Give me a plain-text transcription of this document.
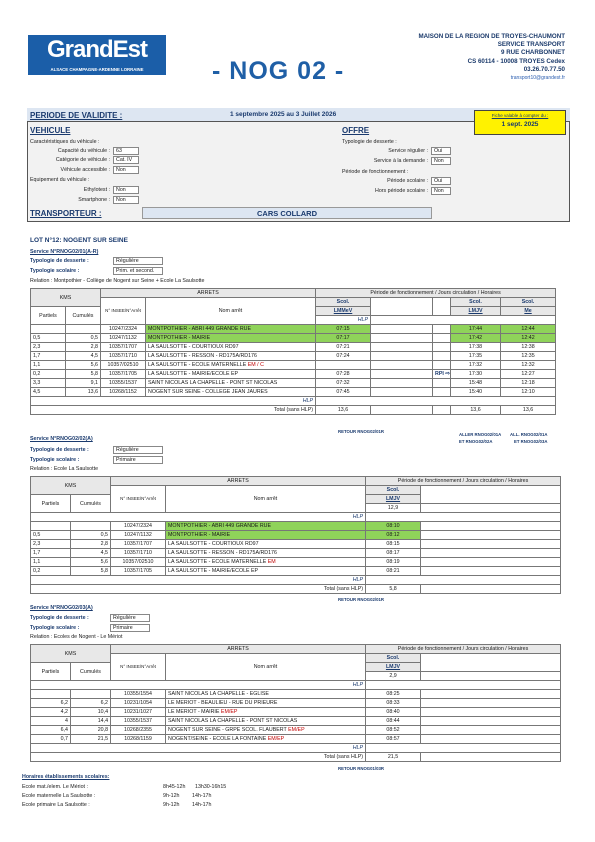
GrandEst
ALSACE CHAMPAGNE-ARDENNE LORRAINE	- NOG 02 -
MAISON DE LA REGION DE TROYES-CHAUMONT
SERVICE TRANSPORT
9 RUE CHARBONNET
CS 60114 - 10008 TROYES Cedex
03.26.70.77.50
transport10@grandest.fr
PERIODE DE VALIDITE :	1 septembre 2025 au 3 Juillet 2026	Fiche valable à compter du :
1 sept. 2025
VEHICULE
Caractéristiques du véhicule :
Capacité du véhicule :	63
Catégorie de véhicule :	Cat. IV
Véhicule accessible :	Non
Equipement du véhicule :
Ethylotest :	Non
Smartphone :	Non
OFFRE
Typologie de desserte :
Service régulier :	Oui
Service à la demande :	Non
Période de fonctionnement :
Période scolaire :	Oui
Hors période scolaire :	Non
TRANSPORTEUR :	CARS COLLARD
LOT N°12: NOGENT SUR SEINE
Service N°RNOG02/01(A-R)
Typologie de desserte :	Régulière
Typologie scolaire :	Prim. et second.
Relation : Montpothier - Collège de Nogent sur Seine + Ecole La Saulsotte
KMS		ARRETS		Période de fonctionnement / Jours circulation / Horaires				
		N° INSEE/N°Arrêt	Nom arrêt	Scol.			Scol.	Scol.
Partiels	Cumulés			LMMeV			LMJV	Me
				HLP				
		10247/2324	MONTPOTHIER - ABRI 449 GRANDE RUE	07:15			17:44	12:44
0,5	0,5	10247/1132	MONTPOTHIER - MAIRIE	07:17			17:42	12:42
2,3	2,8	10357/1707	LA SAULSOTTE - COURTIOUX RD97	07:21			17:38	12:38
1,7	4,5	10357/1710	LA SAULSOTTE - RESSON - RD175A/RD176	07:24			17:35	12:35
1,1	5,6	10357/02510	LA SAULSOTTE - ECOLE MATERNELLE EM / C				17:32	12:32
0,2	5,8	10357/1705	LA SAULSOTTE - MAIRIE/ECOLE EP	07:28		RPI ⇨	17:30	12:27
3,3	9,1	10355/1537	SAINT NICOLAS LA CHAPELLE - PONT ST NICOLAS	07:32			15:48	12:18
4,5	13,6	10268/1152	NOGENT SUR SEINE - COLLEGE JEAN JAURES	07:45			15:40	12:10
HLP								
Total (sans HLP)				13,6			13,6	13,6
RETOUR RNOG02/01R
ALLER RNOG02/01A ALL. RNOG02/01A
ET RNOG02/02A	ET RNOG02/03A
Service N°RNOG02/02(A)
Typologie de desserte :	Régulière
Typologie scolaire :	Primaire
Relation : Ecole La Saulsotte
KMS		ARRETS		Période de fonctionnement / Jours circulation / Horaires	
		N° INSEE/N°Arrêt	Nom arrêt	Scol.	
Partiels	Cumulés			LMJV	
				12,9	
HLP					
		10247/2324	MONTPOTHIER - ABRI 449 GRANDE RUE	08:10	
0,5	0,5	10247/1132	MONTPOTHIER - MAIRIE	08:12	
2,3	2,8	10357/1707	LA SAULSOTTE - COURTIOUX RD97	08:15	
1,7	4,5	10357/1710	LA SAULSOTTE - RESSON - RD175A/RD176	08:17	
1,1	5,6	10357/02510	LA SAULSOTTE - ECOLE MATERNELLE EM	08:19	
0,2	5,8	10357/1705	LA SAULSOTTE - MAIRIE/ECOLE EP	08:21	
HLP					
Total (sans HLP)				5,8	
RETOUR RNOG02/01R
Service N°RNOG02/03(A)
Typologie de desserte :	Régulière
Typologie scolaire :	Primaire
Relation : Ecoles de Nogent - Le Mériot
KMS		ARRETS		Période de fonctionnement / Jours circulation / Horaires	
		N° INSEE/N°Arrêt	Nom arrêt	Scol.	
Partiels	Cumulés			LMJV	
				2,9	
HLP					
		10355/1554	SAINT NICOLAS LA CHAPELLE - EGLISE	08:25	
6,2	6,2	10231/1054	LE MERIOT - BEAULIEU - RUE DU PRIEURE	08:33	
4,2	10,4	10231/1027	LE MERIOT - MAIRIE EM/EP	08:40	
4	14,4	10355/1537	SAINT NICOLAS LA CHAPELLE - PONT ST NICOLAS	08:44	
6,4	20,8	10268/2355	NOGENT SUR SEINE - GRPE SCOL. FLAUBERT EM/EP	08:52	
0,7	21,5	10268/1159	NOGENT/SEINE - ECOLE LA FONTAINE EM/EP	08:57	
HLP					
Total (sans HLP)				21,5	
RETOUR RNOG01/03R
Horaires établissements scolaires:
Ecole mat./elem. Le Mériot :	8h45-12h 13h30-16h15
Ecole maternelle La Saulsotte :	9h-12h 14h-17h
Ecole primaire La Saulsotte :	9h-12h 14h-17h
